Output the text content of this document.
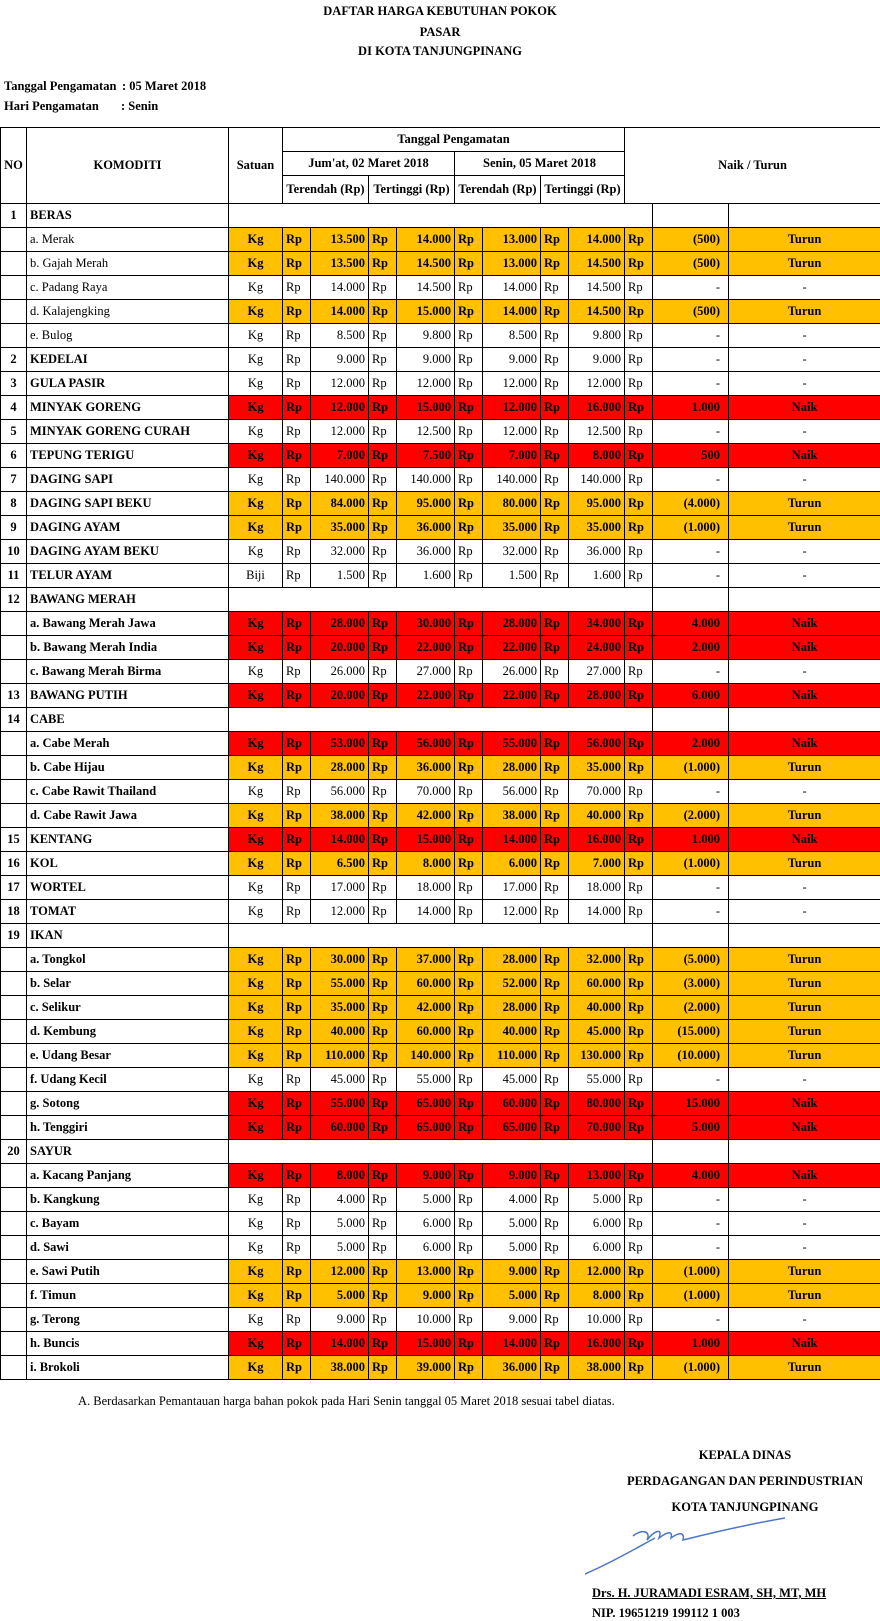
DAFTAR HARGA KEBUTUHAN POKOK
PASAR
DI KOTA TANJUNGPINANG
Tanggal Pengamatan : 05 Maret 2018
Hari Pengamatan : Senin
NO	KOMODITI	Satuan	Tanggal Pengamatan								Naik / Turun		
			Jum'at, 02 Maret 2018				Senin, 05 Maret 2018						
			Terendah (Rp)		Tertinggi (Rp)		Terendah (Rp)		Tertinggi (Rp)				
1	BERAS												
	a. Merak	Kg	Rp	13.500	Rp	14.000	Rp	13.000	Rp	14.000	Rp	(500)	Turun
	b. Gajah Merah	Kg	Rp	13.500	Rp	14.500	Rp	13.000	Rp	14.500	Rp	(500)	Turun
	c. Padang Raya	Kg	Rp	14.000	Rp	14.500	Rp	14.000	Rp	14.500	Rp	-	-
	d. Kalajengking	Kg	Rp	14.000	Rp	15.000	Rp	14.000	Rp	14.500	Rp	(500)	Turun
	e. Bulog	Kg	Rp	8.500	Rp	9.800	Rp	8.500	Rp	9.800	Rp	-	-
2	KEDELAI	Kg	Rp	9.000	Rp	9.000	Rp	9.000	Rp	9.000	Rp	-	-
3	GULA PASIR	Kg	Rp	12.000	Rp	12.000	Rp	12.000	Rp	12.000	Rp	-	-
4	MINYAK GORENG	Kg	Rp	12.000	Rp	15.000	Rp	12.000	Rp	16.000	Rp	1.000	Naik
5	MINYAK GORENG CURAH	Kg	Rp	12.000	Rp	12.500	Rp	12.000	Rp	12.500	Rp	-	-
6	TEPUNG TERIGU	Kg	Rp	7.000	Rp	7.500	Rp	7.000	Rp	8.000	Rp	500	Naik
7	DAGING SAPI	Kg	Rp	140.000	Rp	140.000	Rp	140.000	Rp	140.000	Rp	-	-
8	DAGING SAPI BEKU	Kg	Rp	84.000	Rp	95.000	Rp	80.000	Rp	95.000	Rp	(4.000)	Turun
9	DAGING AYAM	Kg	Rp	35.000	Rp	36.000	Rp	35.000	Rp	35.000	Rp	(1.000)	Turun
10	DAGING AYAM BEKU	Kg	Rp	32.000	Rp	36.000	Rp	32.000	Rp	36.000	Rp	-	-
11	TELUR AYAM	Biji	Rp	1.500	Rp	1.600	Rp	1.500	Rp	1.600	Rp	-	-
12	BAWANG MERAH												
	a. Bawang Merah Jawa	Kg	Rp	28.000	Rp	30.000	Rp	28.000	Rp	34.000	Rp	4.000	Naik
	b. Bawang Merah India	Kg	Rp	20.000	Rp	22.000	Rp	22.000	Rp	24.000	Rp	2.000	Naik
	c. Bawang Merah Birma	Kg	Rp	26.000	Rp	27.000	Rp	26.000	Rp	27.000	Rp	-	-
13	BAWANG PUTIH	Kg	Rp	20.000	Rp	22.000	Rp	22.000	Rp	28.000	Rp	6.000	Naik
14	CABE												
	a. Cabe Merah	Kg	Rp	53.000	Rp	56.000	Rp	55.000	Rp	56.000	Rp	2.000	Naik
	b. Cabe Hijau	Kg	Rp	28.000	Rp	36.000	Rp	28.000	Rp	35.000	Rp	(1.000)	Turun
	c. Cabe Rawit Thailand	Kg	Rp	56.000	Rp	70.000	Rp	56.000	Rp	70.000	Rp	-	-
	d. Cabe Rawit Jawa	Kg	Rp	38.000	Rp	42.000	Rp	38.000	Rp	40.000	Rp	(2.000)	Turun
15	KENTANG	Kg	Rp	14.000	Rp	15.000	Rp	14.000	Rp	16.000	Rp	1.000	Naik
16	KOL	Kg	Rp	6.500	Rp	8.000	Rp	6.000	Rp	7.000	Rp	(1.000)	Turun
17	WORTEL	Kg	Rp	17.000	Rp	18.000	Rp	17.000	Rp	18.000	Rp	-	-
18	TOMAT	Kg	Rp	12.000	Rp	14.000	Rp	12.000	Rp	14.000	Rp	-	-
19	IKAN												
	a. Tongkol	Kg	Rp	30.000	Rp	37.000	Rp	28.000	Rp	32.000	Rp	(5.000)	Turun
	b. Selar	Kg	Rp	55.000	Rp	60.000	Rp	52.000	Rp	60.000	Rp	(3.000)	Turun
	c. Selikur	Kg	Rp	35.000	Rp	42.000	Rp	28.000	Rp	40.000	Rp	(2.000)	Turun
	d. Kembung	Kg	Rp	40.000	Rp	60.000	Rp	40.000	Rp	45.000	Rp	(15.000)	Turun
	e. Udang Besar	Kg	Rp	110.000	Rp	140.000	Rp	110.000	Rp	130.000	Rp	(10.000)	Turun
	f. Udang Kecil	Kg	Rp	45.000	Rp	55.000	Rp	45.000	Rp	55.000	Rp	-	-
	g. Sotong	Kg	Rp	55.000	Rp	65.000	Rp	60.000	Rp	80.000	Rp	15.000	Naik
	h. Tenggiri	Kg	Rp	60.000	Rp	65.000	Rp	65.000	Rp	70.000	Rp	5.000	Naik
20	SAYUR												
	a. Kacang Panjang	Kg	Rp	8.000	Rp	9.000	Rp	9.000	Rp	13.000	Rp	4.000	Naik
	b. Kangkung	Kg	Rp	4.000	Rp	5.000	Rp	4.000	Rp	5.000	Rp	-	-
	c. Bayam	Kg	Rp	5.000	Rp	6.000	Rp	5.000	Rp	6.000	Rp	-	-
	d. Sawi	Kg	Rp	5.000	Rp	6.000	Rp	5.000	Rp	6.000	Rp	-	-
	e. Sawi Putih	Kg	Rp	12.000	Rp	13.000	Rp	9.000	Rp	12.000	Rp	(1.000)	Turun
	f. Timun	Kg	Rp	5.000	Rp	9.000	Rp	5.000	Rp	8.000	Rp	(1.000)	Turun
	g. Terong	Kg	Rp	9.000	Rp	10.000	Rp	9.000	Rp	10.000	Rp	-	-
	h. Buncis	Kg	Rp	14.000	Rp	15.000	Rp	14.000	Rp	16.000	Rp	1.000	Naik
	i. Brokoli	Kg	Rp	38.000	Rp	39.000	Rp	36.000	Rp	38.000	Rp	(1.000)	Turun
A. Berdasarkan Pemantauan harga bahan pokok pada Hari Senin tanggal 05 Maret 2018 sesuai tabel diatas.
KEPALA DINAS
PERDAGANGAN DAN PERINDUSTRIAN
KOTA TANJUNGPINANG
Drs. H. JURAMADI ESRAM, SH, MT, MH
NIP. 19651219 199112 1 003
